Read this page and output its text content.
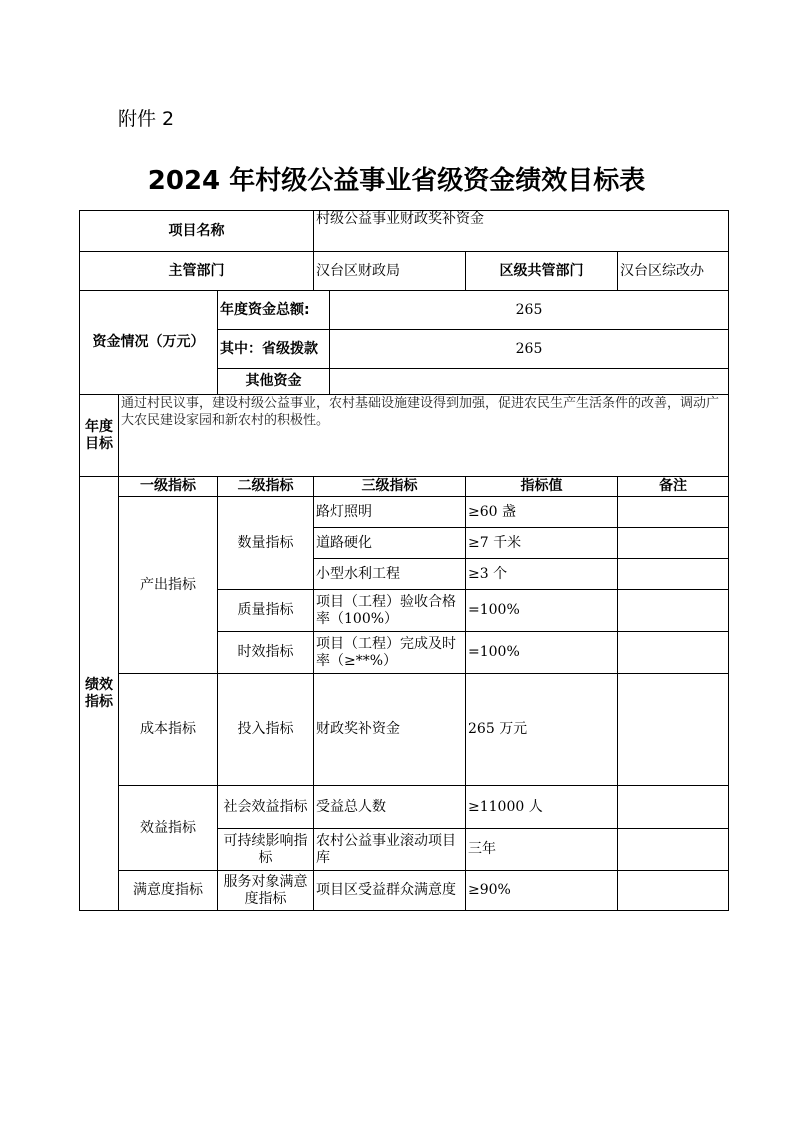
附件 2
2024 年村级公益事业省级资金绩效目标表
项目名称			村级公益事业财政奖补资金			
主管部门			汉台区财政局		区级共管部门	汉台区综改办
资金情况（万元）		年度资金总额:		265		
		其中：省级拨款		265		
		其他资金				
年度目标	通过村民议事，建设村级公益事业，农村基础设施建设得到加强，促进农民生产生活条件的改善，调动广大农民建设家园和新农村的积极性。					
绩效指标	一级指标	二级指标	三级指标		指标值	备注
	产出指标	数量指标	路灯照明		≥60 盏	
			道路硬化		≥7 千米	
			小型水利工程		≥3 个	
		质量指标	项目（工程）验收合格率（100%）		=100%	
		时效指标	项目（工程）完成及时率（≥**%）		=100%	
	成本指标	投入指标	财政奖补资金		265 万元	
	效益指标	社会效益指标	受益总人数		≥11000 人	
		可持续影响指标	农村公益事业滚动项目库		三年	
	满意度指标	服务对象满意度指标	项目区受益群众满意度		≥90%	
